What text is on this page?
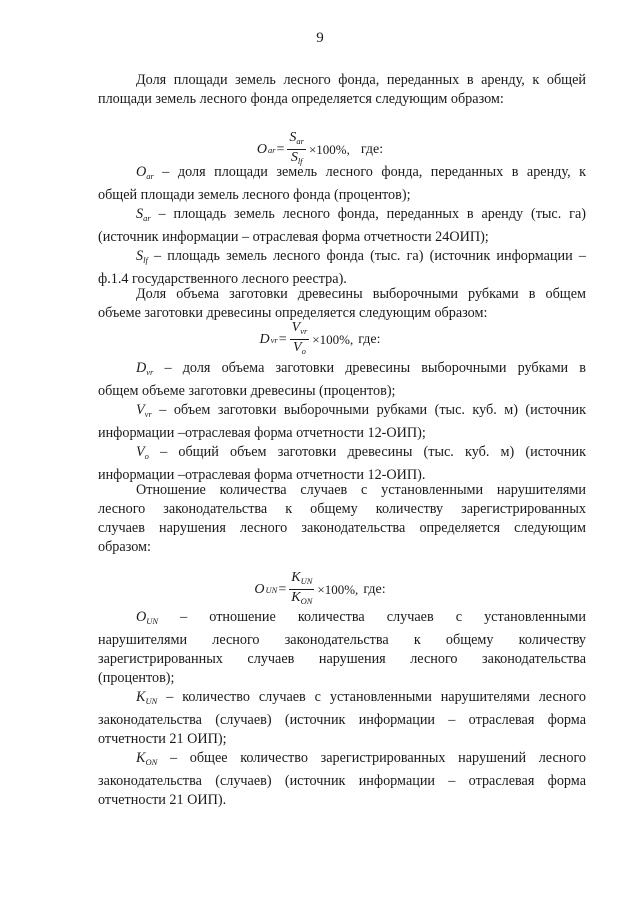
9

Доля площади земель лесного фонда, переданных в аренду, к общей

площади земель лесного фонда определяется следующим образом:

O ar = $\frac{S_{ar}}{S_{lf}} \times 100\%$, где:

$O_{ar}$ – доля площади земель лесного фонда, переданных в аренду, к

общей площади земель лесного фонда (процентов);

$S_{ar}$ – площадь земель лесного фонда, переданных в аренду (тыс. га)

(источник информации – отраслевая форма отчетности 24ОИП);

$S_{lf}$ – площадь земель лесного фонда (тыс. га) (источник информации –

ф.1.4 государственного лесного реестра).

Доля объема заготовки древесины выборочными рубками в общем

объеме заготовки древесины определяется следующим образом:

D vr = $\frac{V_{vr}}{V_o} \times 100\%$, где:

$D_{vr}$ – доля объема заготовки древесины выборочными рубками в

общем объеме заготовки древесины (процентов);

$V_{vr}$ – объем заготовки выборочными рубками (тыс. куб. м) (источник

информации –отраслевая форма отчетности 12-ОИП);

$V_o$ – общий объем заготовки древесины (тыс. куб. м) (источник

информации –отраслевая форма отчетности 12-ОИП).

Отношение количества случаев с установленными нарушителями

лесного законодательства к общему количеству зарегистрированных

случаев нарушения лесного законодательства определяется следующим

образом:

O UN = $\frac{K_{UN}}{K_{ON}} \times 100\%$, где:

$O_{UN}$ – отношение количества случаев с установленными

нарушителями лесного законодательства к общему количеству

зарегистрированных случаев нарушения лесного законодательства

(процентов);

$K_{UN}$ – количество случаев с установленными нарушителями лесного

законодательства (случаев) (источник информации – отраслевая форма

отчетности 21 ОИП);

$K_{ON}$ – общее количество зарегистрированных нарушений лесного

законодательства (случаев) (источник информации – отраслевая форма

отчетности 21 ОИП).
